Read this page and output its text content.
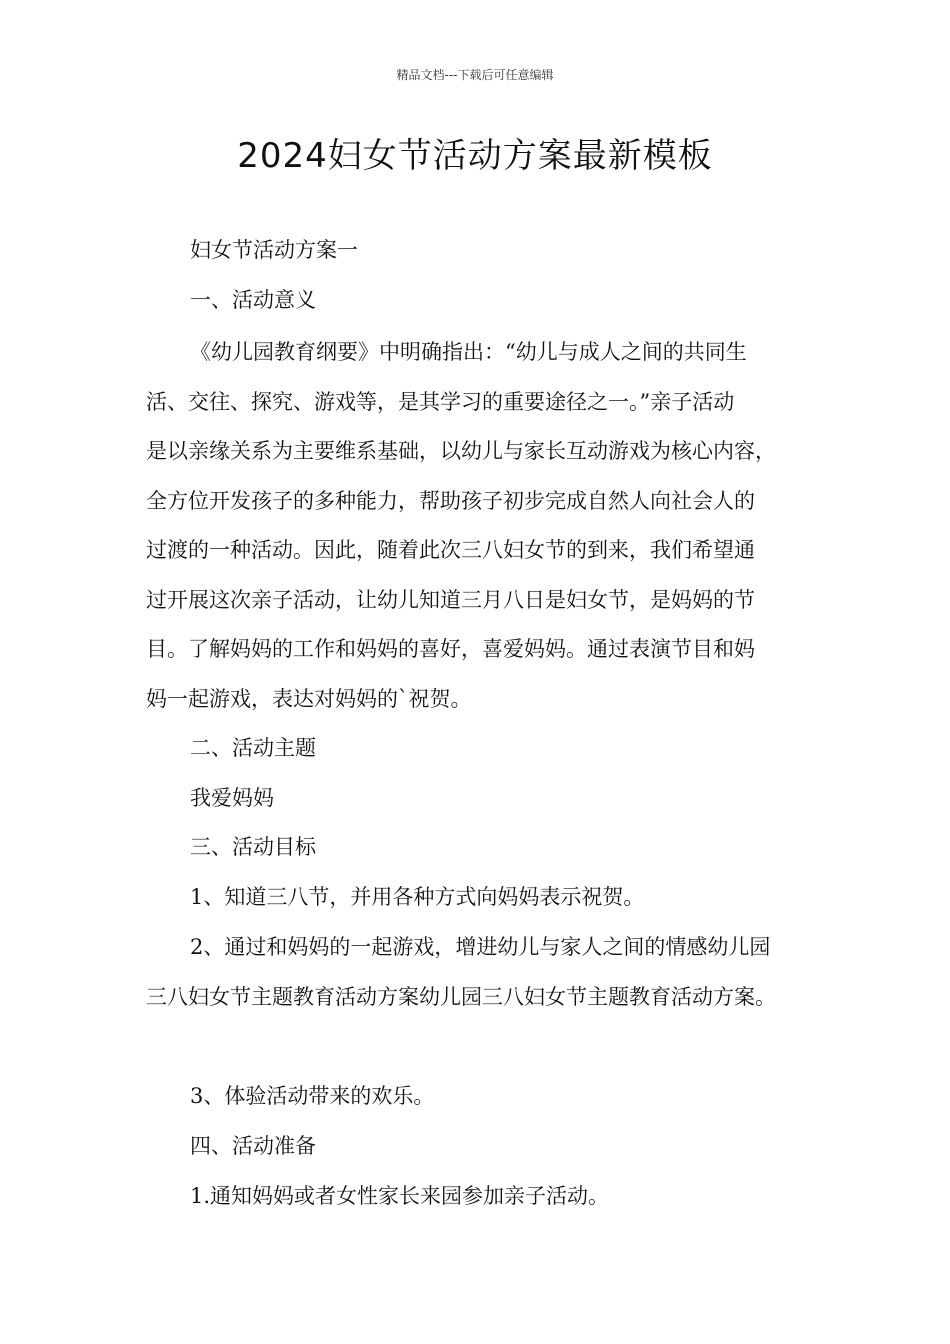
精品文档---下载后可任意编辑
2024妇女节活动方案最新模板
妇女节活动方案一
一、活动意义
《幼儿园教育纲要》中明确指出：“幼儿与成人之间的共同生
活、交往、探究、游戏等，是其学习的重要途径之一。”亲子活动
是以亲缘关系为主要维系基础，以幼儿与家长互动游戏为核心内容，
全方位开发孩子的多种能力，帮助孩子初步完成自然人向社会人的
过渡的一种活动。因此，随着此次三八妇女节的到来，我们希望通
过开展这次亲子活动，让幼儿知道三月八日是妇女节，是妈妈的节
目。了解妈妈的工作和妈妈的喜好，喜爱妈妈。通过表演节目和妈
妈一起游戏，表达对妈妈的`祝贺。
二、活动主题
我爱妈妈
三、活动目标
1、知道三八节，并用各种方式向妈妈表示祝贺。
2、通过和妈妈的一起游戏，增进幼儿与家人之间的情感幼儿园
三八妇女节主题教育活动方案幼儿园三八妇女节主题教育活动方案。
3、体验活动带来的欢乐。
四、活动准备
1.通知妈妈或者女性家长来园参加亲子活动。
